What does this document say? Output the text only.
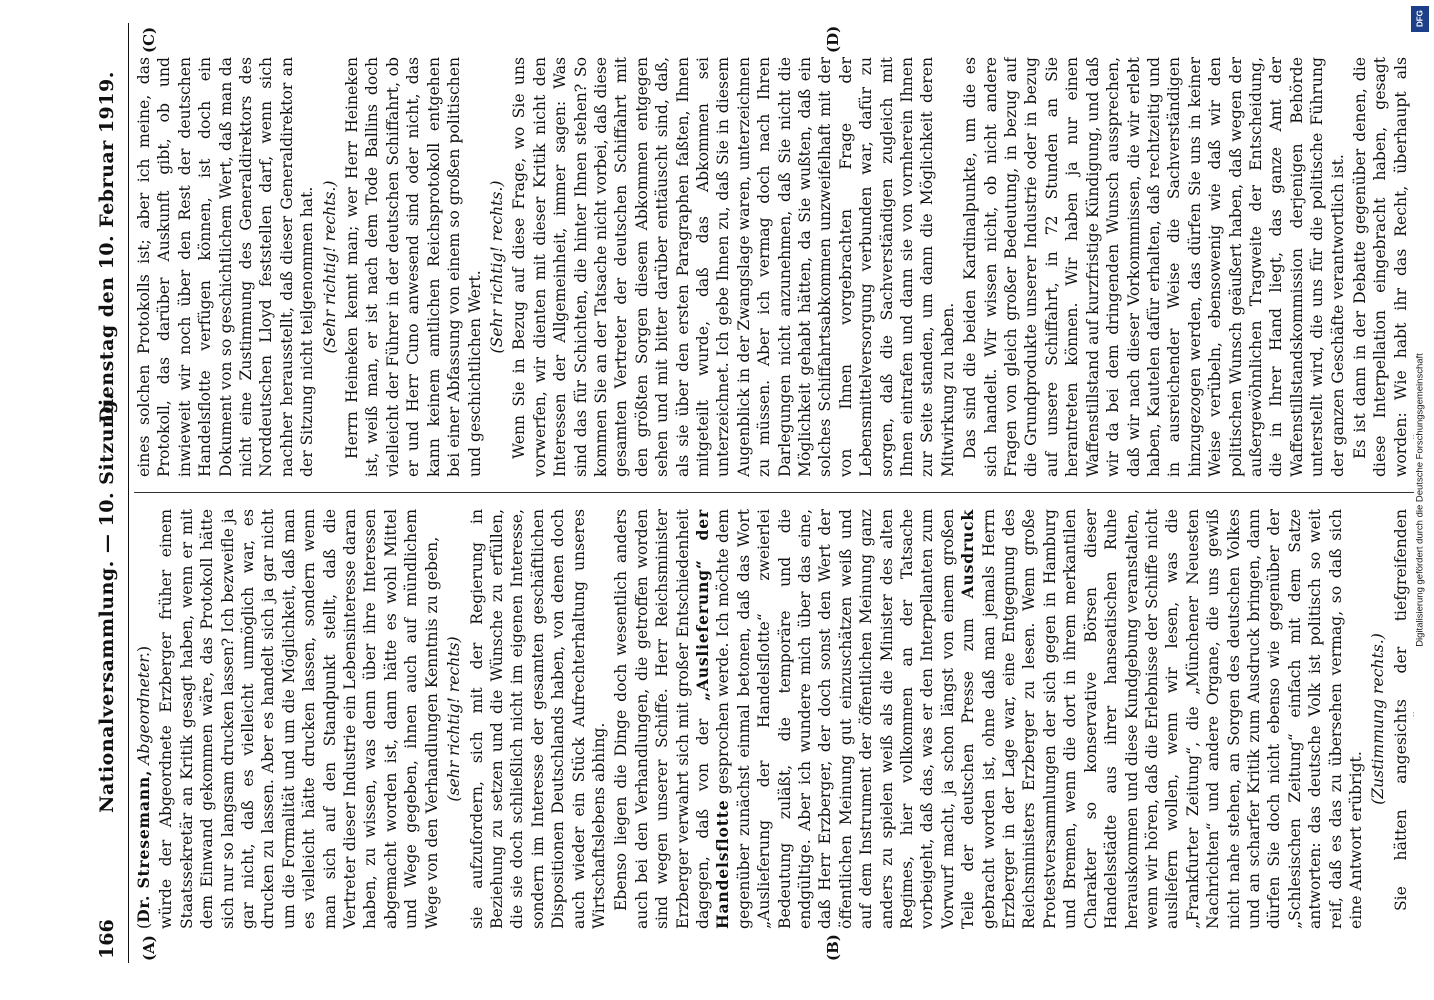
166
Nationalversammlung. — 10. Sitzung.
Dienstag den 10. Februar 1919.
(A)	(B)
(C)	(D)

(Dr. Stresemann, Abgeordneter.) würde der Abgeordnete Erzberger früher einem Staatssekretär an Kritik gesagt haben, wenn er mit dem Einwand gekommen wäre, das Protokoll hätte sich nur so langsam drucken lassen? Ich bezweifle ja gar nicht, daß es vielleicht unmöglich war, es drucken zu lassen. Aber es handelt sich ja gar nicht um die Formalität und um die Möglichkeit, daß man es vielleicht hätte drucken lassen, sondern wenn man sich auf den Standpunkt stellt, daß die Vertreter dieser Industrie ein Lebensinteresse daran haben, zu wissen, was denn über ihre Interessen abgemacht worden ist, dann hätte es wohl Mittel und Wege gegeben, ihnen auch auf mündlichem Wege von den Verhandlungen Kenntnis zu geben, (sehr richtig! rechts) sie aufzufordern, sich mit der Regierung in Beziehung zu setzen und die Wünsche zu erfüllen, die sie doch schließlich nicht im eigenen Interesse, sondern im Interesse der gesamten geschäftlichen Dispositionen Deutschlands haben, von denen doch auch wieder ein Stück Aufrechterhaltung unseres Wirtschaftslebens abhing. Ebenso liegen die Dinge doch wesentlich anders auch bei den Verhandlungen, die getroffen worden sind wegen unserer Schiffe. Herr Reichsminister Erzberger verwahrt sich mit großer Entschiedenheit dagegen, daß von der „Auslieferung“ der Handelsflotte gesprochen werde. Ich möchte dem gegenüber zunächst einmal betonen, daß das Wort „Auslieferung der Handelsflotte“ zweierlei Bedeutung zuläßt, die temporäre und die endgültige. Aber ich wundere mich über das eine, daß Herr Erzberger, der doch sonst den Wert der öffentlichen Meinung gut einzuschätzen weiß und auf dem Instrument der öffentlichen Meinung ganz anders zu spielen weiß als die Minister des alten Regimes, hier vollkommen an der Tatsache vorbeigeht, daß das, was er den Interpellanten zum Vorwurf macht, ja schon längst von einem großen Teile der deutschen Presse zum Ausdruck gebracht worden ist, ohne daß man jemals Herrn Erzberger in der Lage war, eine Entgegnung des Reichsministers Erzberger zu lesen. Wenn große Protestversammlungen der sich gegen in Hamburg und Bremen, wenn die dort in ihrem merkantilen Charakter so konservative Börsen dieser Handelsstädte aus ihrer hanseatischen Ruhe herauskommen und diese Kundgebung veranstalten, wenn wir hören, daß die Erlebnisse der Schiffe nicht ausliefern wollen, wenn wir lesen, was die „Frankfurter Zeitung“, die „Münchener Neuesten Nachrichten“ und andere Organe, die uns gewiß nicht nahe stehen, an Sorgen des deutschen Volkes und an scharfer Kritik zum Ausdruck bringen, dann dürfen Sie doch nicht ebenso wie gegenüber der „Schlesischen Zeitung“ einfach mit dem Satze antworten: das deutsche Volk ist politisch so weit reif, daß es das zu übersehen vermag, so daß sich eine Antwort erübrigt.

(Zustimmung rechts.)

Sie hätten angesichts der tiefgreifenden

eines solchen Protokolls ist; aber ich meine, das Protokoll, das darüber Auskunft gibt, ob und inwieweit wir noch über den Rest der deutschen Handelsflotte verfügen können, ist doch ein Dokument von so geschichtlichem Wert, daß man da nicht eine Zustimmung des Generaldirektors des Norddeutschen Lloyd feststellen darf, wenn sich nachher herausstellt, daß dieser Generaldirektor an der Sitzung nicht teilgenommen hat. (Sehr richtig! rechts.) Herrn Heineken kennt man; wer Herr Heineken ist, weiß man, er ist nach dem Tode Ballins doch vielleicht der Führer in der deutschen Schiffahrt, ob er und Herr Cuno anwesend sind oder nicht, das kann keinem amtlichen Reichsprotokoll entgehen bei einer Abfassung von einem so großen politischen und geschichtlichen Wert.

(Sehr richtig! rechts.) Wenn Sie in Bezug auf diese Frage, wo Sie uns vorwerfen, wir dienten mit dieser Kritik nicht den Interessen der Allgemeinheit, immer sagen: Was sind das für Schichten, die hinter Ihnen stehen? So kommen Sie an der Tatsache nicht vorbei, daß diese gesamten Vertreter der deutschen Schiffahrt mit den größten Sorgen diesem Abkommen entgegen sehen und mit bitter darüber enttäuscht sind, daß, als sie über den ersten Paragraphen faßten, Ihnen mitgeteilt wurde, daß das Abkommen sei unterzeichnet. Ich gebe Ihnen zu, daß Sie in diesem Augenblick in der Zwangslage waren, unterzeichnen zu müssen. Aber ich vermag doch nach Ihren Darlegungen nicht anzunehmen, daß Sie nicht die Möglichkeit gehabt hätten, da Sie wußten, daß ein solches Schiffahrtsabkommen unzweifelhaft mit der von Ihnen vorgebrachten Frage der Lebensmittelversorgung verbunden war, dafür zu sorgen, daß die Sachverständigen zugleich mit Ihnen eintrafen und dann sie von vornherein Ihnen zur Seite standen, um dann die Möglichkeit deren Mitwirkung zu haben. Das sind die beiden Kardinalpunkte, um die es sich handelt. Wir wissen nicht, ob nicht andere Fragen von gleich großer Bedeutung, in bezug auf die Grundprodukte unserer Industrie oder in bezug auf unsere Schiffahrt, in 72 Stunden an Sie herantreten können. Wir haben ja nur einen Waffenstillstand auf kurzfristige Kündigung, und daß wir da bei dem dringenden Wunsch aussprechen, daß wir nach dieser Vorkommnissen, die wir erlebt haben, Kautelen dafür erhalten, daß rechtzeitig und in ausreichender Weise die Sachverständigen hinzugezogen werden, das dürfen Sie uns in keiner Weise verübeln, ebensowenig wie daß wir den politischen Wunsch geäußert haben, daß wegen der außergewöhnlichen Tragweite der Entscheidung, die in Ihrer Hand liegt, das ganze Amt der Waffenstillstandskommission derjenigen Behörde unterstellt wird, die uns für die politische Führung der ganzen Geschäfte verantwortlich ist. Es ist dann in der Debatte gegenüber denen, die diese Interpellation eingebracht haben, gesagt worden: Wie habt ihr das Recht, überhaupt als

Digitalisierung gefördert durch die Deutsche Forschungsgemeinschaft
DFG
